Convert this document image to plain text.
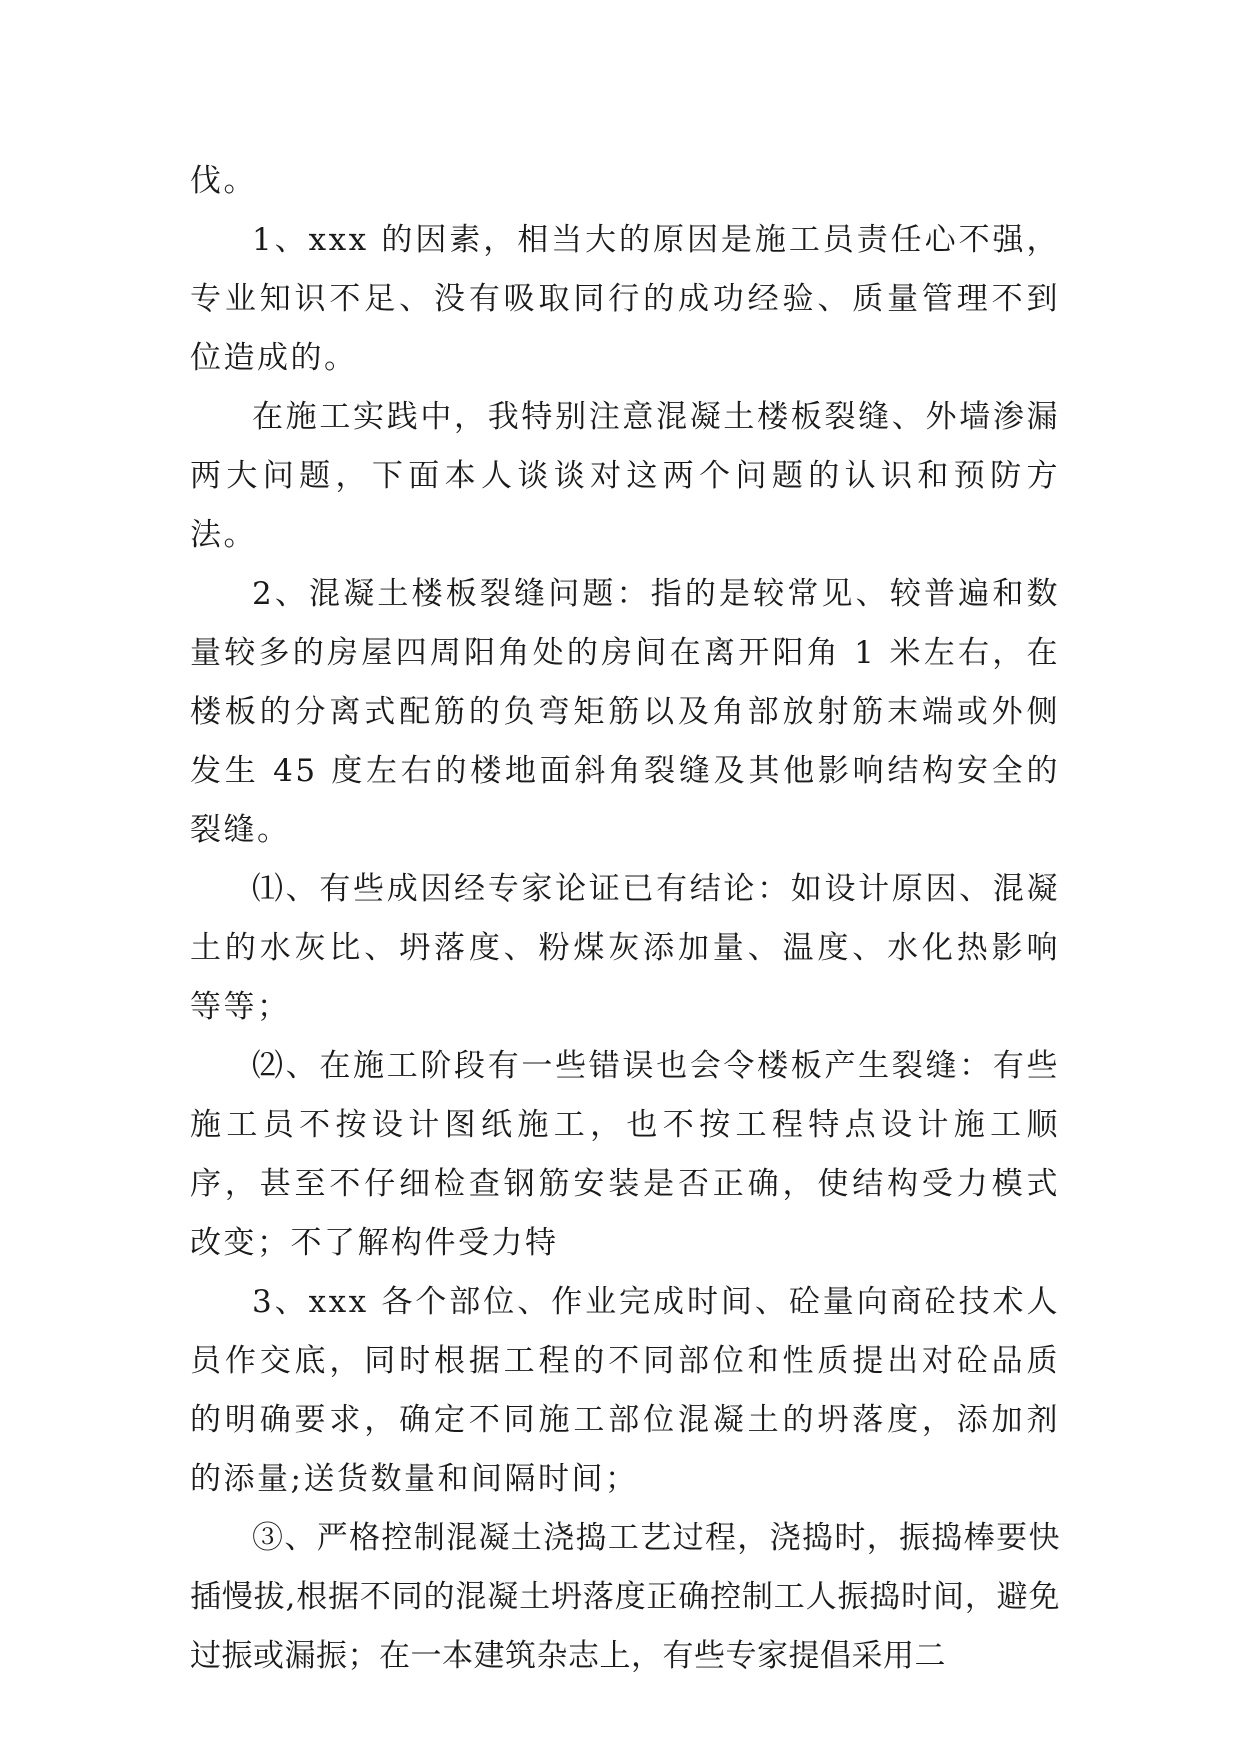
伐。

1、xxx 的因素，相当大的原因是施工员责任心不强，专业知识不足、没有吸取同行的成功经验、质量管理不到位造成的。

在施工实践中，我特别注意混凝土楼板裂缝、外墙渗漏两大问题，下面本人谈谈对这两个问题的认识和预防方法。

2、混凝土楼板裂缝问题：指的是较常见、较普遍和数量较多的房屋四周阳角处的房间在离开阳角 1 米左右，在楼板的分离式配筋的负弯矩筋以及角部放射筋末端或外侧发生 45 度左右的楼地面斜角裂缝及其他影响结构安全的裂缝。

⑴、有些成因经专家论证已有结论：如设计原因、混凝土的水灰比、坍落度、粉煤灰添加量、温度、水化热影响等等；

⑵、在施工阶段有一些错误也会令楼板产生裂缝：有些施工员不按设计图纸施工，也不按工程特点设计施工顺序，甚至不仔细检查钢筋安装是否正确，使结构受力模式改变；不了解构件受力特

3、xxx 各个部位、作业完成时间、砼量向商砼技术人员作交底，同时根据工程的不同部位和性质提出对砼品质的明确要求，确定不同施工部位混凝土的坍落度，添加剂的添量;送货数量和间隔时间；

③、严格控制混凝土浇捣工艺过程，浇捣时，振捣棒要快插慢拔,根据不同的混凝土坍落度正确控制工人振捣时间，避免过振或漏振；在一本建筑杂志上，有些专家提倡采用二
